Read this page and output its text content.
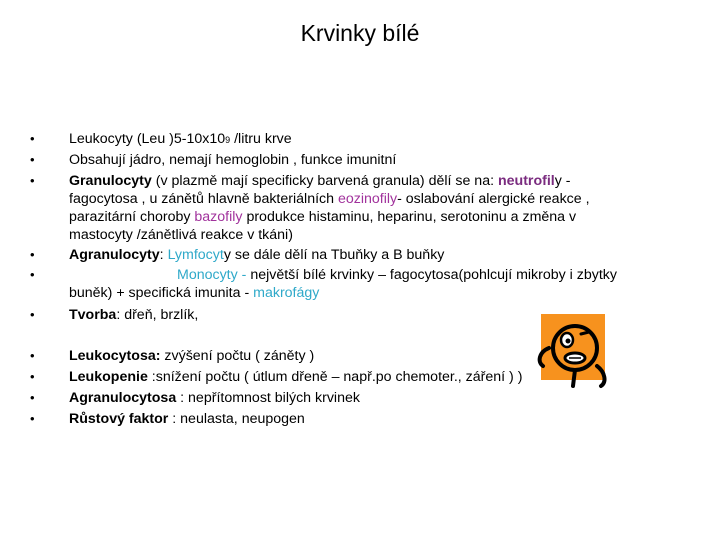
Krvinky bílé
•	Leukocyty (Leu )5-10x109 /litru krve
•	Obsahují jádro, nemají hemoglobin , funkce imunitní
•	Granulocyty (v plazmě mají specificky barvená granula) dělí se na: neutrofily -
fagocytosa , u zánětů hlavně bakteriálních eozinofily- oslabování alergické reakce ,
parazitární choroby bazofily produkce histaminu, heparinu, serotoninu a změna v
mastocyty /zánětlivá reakce v tkáni)
•	Agranulocyty: Lymfocyty se dále dělí na Tbuňky a B buňky
•	Monocyty - největší bílé krvinky – fagocytosa(pohlcují mikroby i zbytky
buněk) + specifická imunita - makrofágy
•	Tvorba: dřeň, brzlík,
•	Leukocytosa: zvýšení počtu ( záněty )
•	Leukopenie :snížení počtu ( útlum dřeně – např.po chemoter., záření ) )
•	Agranulocytosa : nepřítomnost bilých krvinek
•	Růstový faktor : neulasta, neupogen
